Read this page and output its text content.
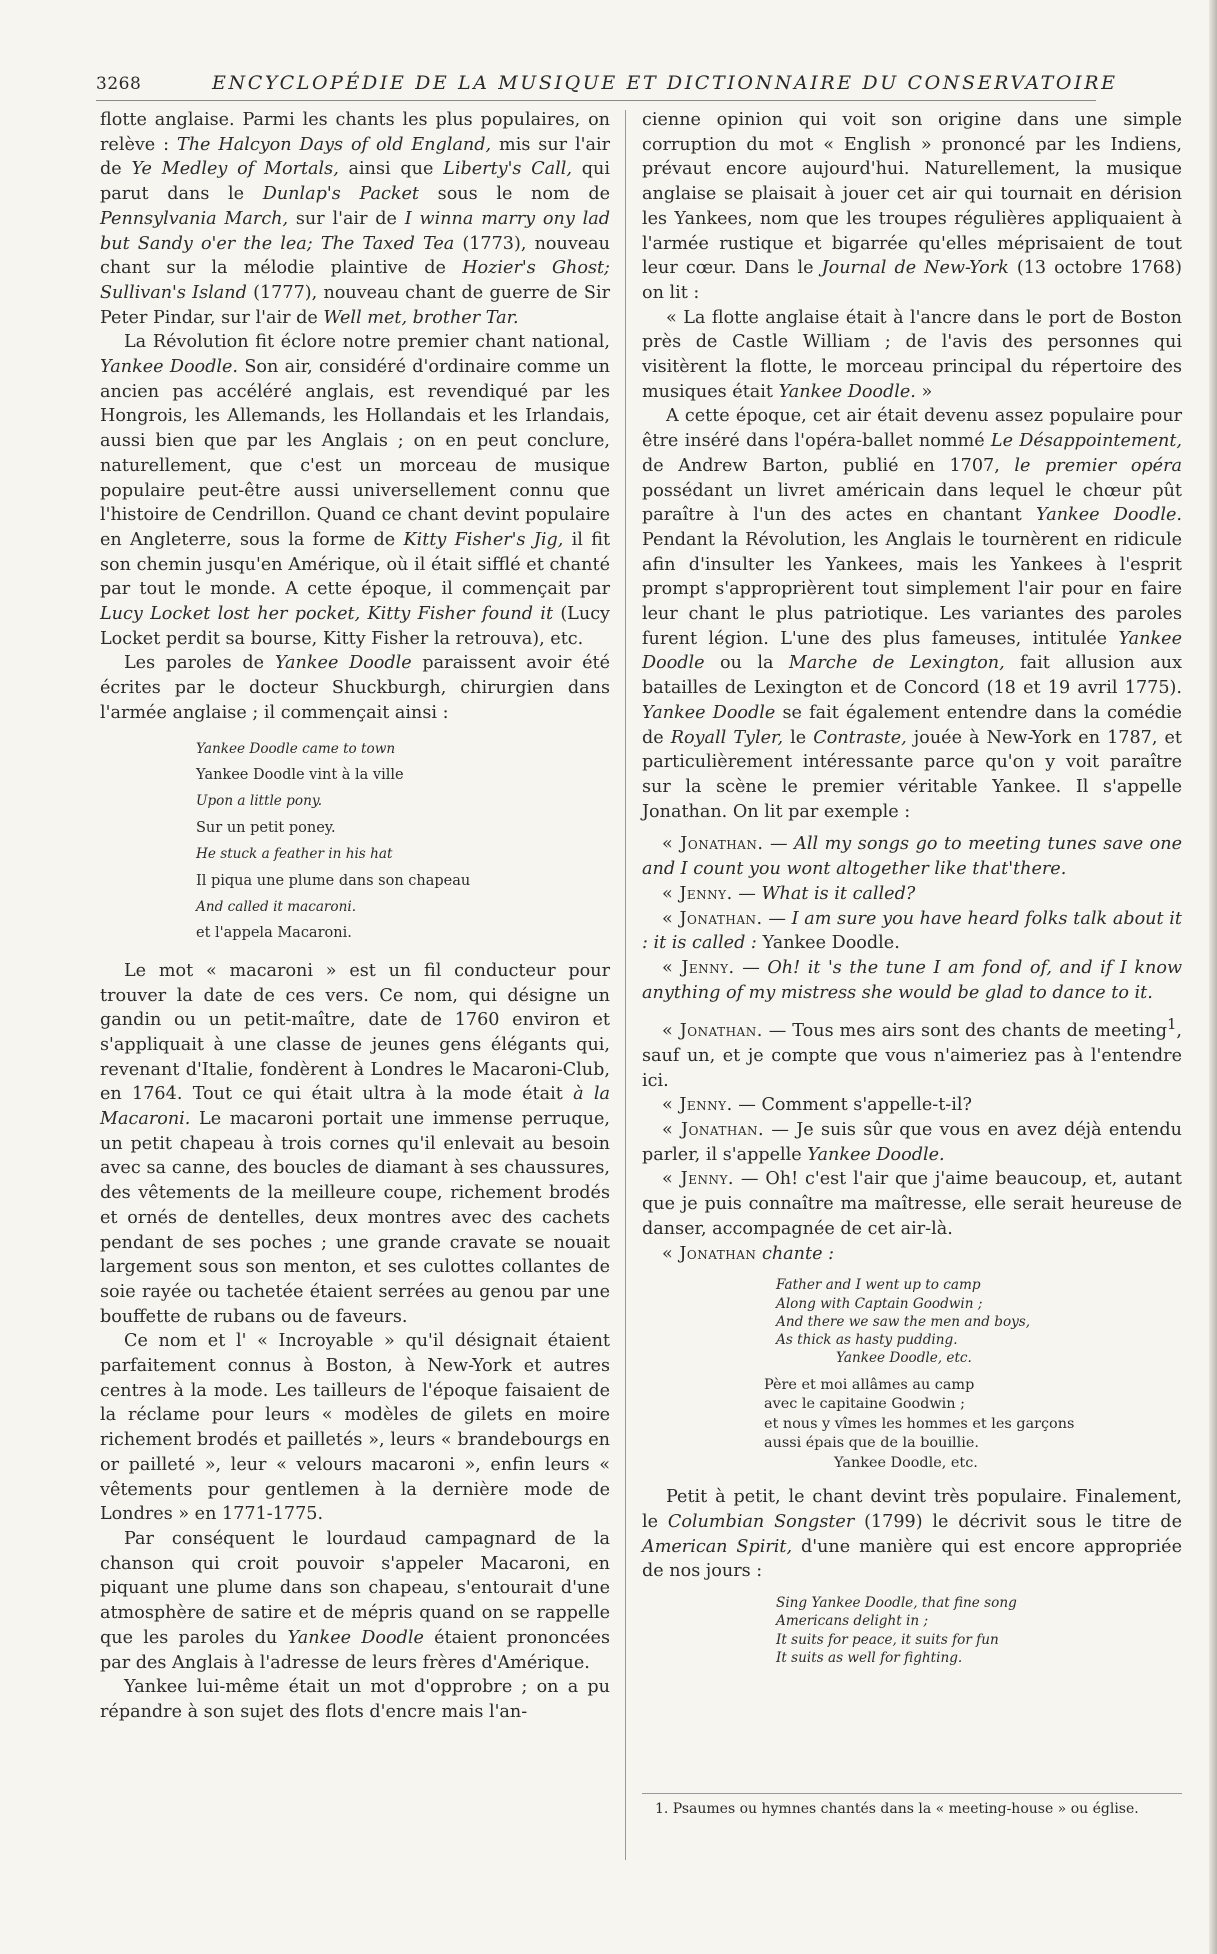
3268	ENCYCLOPÉDIE DE LA MUSIQUE ET DICTIONNAIRE DU CONSERVATOIRE

flotte anglaise. Parmi les chants les plus populaires, on relève : The Halcyon Days of old England, mis sur l'air de Ye Medley of Mortals, ainsi que Liberty's Call, qui parut dans le Dunlap's Packet sous le nom de Pennsylvania March, sur l'air de I winna marry ony lad but Sandy o'er the lea; The Taxed Tea (1773), nouveau chant sur la mélodie plaintive de Hozier's Ghost; Sullivan's Island (1777), nouveau chant de guerre de Sir Peter Pindar, sur l'air de Well met, brother Tar.

La Révolution fit éclore notre premier chant national, Yankee Doodle. Son air, considéré d'ordinaire comme un ancien pas accéléré anglais, est revendiqué par les Hongrois, les Allemands, les Hollandais et les Irlandais, aussi bien que par les Anglais ; on en peut conclure, naturellement, que c'est un morceau de musique populaire peut-être aussi universellement connu que l'histoire de Cendrillon. Quand ce chant devint populaire en Angleterre, sous la forme de Kitty Fisher's Jig, il fit son chemin jusqu'en Amérique, où il était sifflé et chanté par tout le monde. A cette époque, il commençait par Lucy Locket lost her pocket, Kitty Fisher found it (Lucy Locket perdit sa bourse, Kitty Fisher la retrouva), etc.

Les paroles de Yankee Doodle paraissent avoir été écrites par le docteur Shuckburgh, chirurgien dans l'armée anglaise ; il commençait ainsi :

Yankee Doodle came to town
Yankee Doodle vint à la ville
Upon a little pony.
Sur un petit poney.
He stuck a feather in his hat
Il piqua une plume dans son chapeau
And called it macaroni.
et l'appela Macaroni.

Le mot « macaroni » est un fil conducteur pour trouver la date de ces vers. Ce nom, qui désigne un gandin ou un petit-maître, date de 1760 environ et s'appliquait à une classe de jeunes gens élégants qui, revenant d'Italie, fondèrent à Londres le Macaroni-Club, en 1764. Tout ce qui était ultra à la mode était à la Macaroni. Le macaroni portait une immense perruque, un petit chapeau à trois cornes qu'il enlevait au besoin avec sa canne, des boucles de diamant à ses chaussures, des vêtements de la meilleure coupe, richement brodés et ornés de dentelles, deux montres avec des cachets pendant de ses poches ; une grande cravate se nouait largement sous son menton, et ses culottes collantes de soie rayée ou tachetée étaient serrées au genou par une bouffette de rubans ou de faveurs.

Ce nom et l' « Incroyable » qu'il désignait étaient parfaitement connus à Boston, à New-York et autres centres à la mode. Les tailleurs de l'époque faisaient de la réclame pour leurs « modèles de gilets en moire richement brodés et pailletés », leurs « brandebourgs en or pailleté », leur « velours macaroni », enfin leurs « vêtements pour gentlemen à la dernière mode de Londres » en 1771-1775.

Par conséquent le lourdaud campagnard de la chanson qui croit pouvoir s'appeler Macaroni, en piquant une plume dans son chapeau, s'entourait d'une atmosphère de satire et de mépris quand on se rappelle que les paroles du Yankee Doodle étaient prononcées par des Anglais à l'adresse de leurs frères d'Amérique.

Yankee lui-même était un mot d'opprobre ; on a pu répandre à son sujet des flots d'encre mais l'an-

cienne opinion qui voit son origine dans une simple corruption du mot « English » prononcé par les Indiens, prévaut encore aujourd'hui. Naturellement, la musique anglaise se plaisait à jouer cet air qui tournait en dérision les Yankees, nom que les troupes régulières appliquaient à l'armée rustique et bigarrée qu'elles méprisaient de tout leur cœur. Dans le Journal de New-York (13 octobre 1768) on lit :

« La flotte anglaise était à l'ancre dans le port de Boston près de Castle William ; de l'avis des personnes qui visitèrent la flotte, le morceau principal du répertoire des musiques était Yankee Doodle. »

A cette époque, cet air était devenu assez populaire pour être inséré dans l'opéra-ballet nommé Le Désappointement, de Andrew Barton, publié en 1707, le premier opéra possédant un livret américain dans lequel le chœur pût paraître à l'un des actes en chantant Yankee Doodle. Pendant la Révolution, les Anglais le tournèrent en ridicule afin d'insulter les Yankees, mais les Yankees à l'esprit prompt s'approprièrent tout simplement l'air pour en faire leur chant le plus patriotique. Les variantes des paroles furent légion. L'une des plus fameuses, intitulée Yankee Doodle ou la Marche de Lexington, fait allusion aux batailles de Lexington et de Concord (18 et 19 avril 1775). Yankee Doodle se fait également entendre dans la comédie de Royall Tyler, le Contraste, jouée à New-York en 1787, et particulièrement intéressante parce qu'on y voit paraître sur la scène le premier véritable Yankee. Il s'appelle Jonathan. On lit par exemple :

« Jonathan. — All my songs go to meeting tunes save one and I count you wont altogether like that'there.

« Jenny. — What is it called?

« Jonathan. — I am sure you have heard folks talk about it : it is called : Yankee Doodle.

« Jenny. — Oh! it 's the tune I am fond of, and if I know anything of my mistress she would be glad to dance to it.

« Jonathan. — Tous mes airs sont des chants de meeting$^1$, sauf un, et je compte que vous n'aimeriez pas à l'entendre ici.

« Jenny. — Comment s'appelle-t-il?

« Jonathan. — Je suis sûr que vous en avez déjà entendu parler, il s'appelle Yankee Doodle.

« Jenny. — Oh! c'est l'air que j'aime beaucoup, et, autant que je puis connaître ma maîtresse, elle serait heureuse de danser, accompagnée de cet air-là.

« Jonathan chante :

Father and I went up to camp
Along with Captain Goodwin ;
And there we saw the men and boys,
As thick as hasty pudding.
Yankee Doodle, etc.
Père et moi allâmes au camp
avec le capitaine Goodwin ;
et nous y vîmes les hommes et les garçons
aussi épais que de la bouillie.
Yankee Doodle, etc.

Petit à petit, le chant devint très populaire. Finalement, le Columbian Songster (1799) le décrivit sous le titre de American Spirit, d'une manière qui est encore appropriée de nos jours :

Sing Yankee Doodle, that fine song
Americans delight in ;
It suits for peace, it suits for fun
It suits as well for fighting.
1. Psaumes ou hymnes chantés dans la « meeting-house » ou église.
